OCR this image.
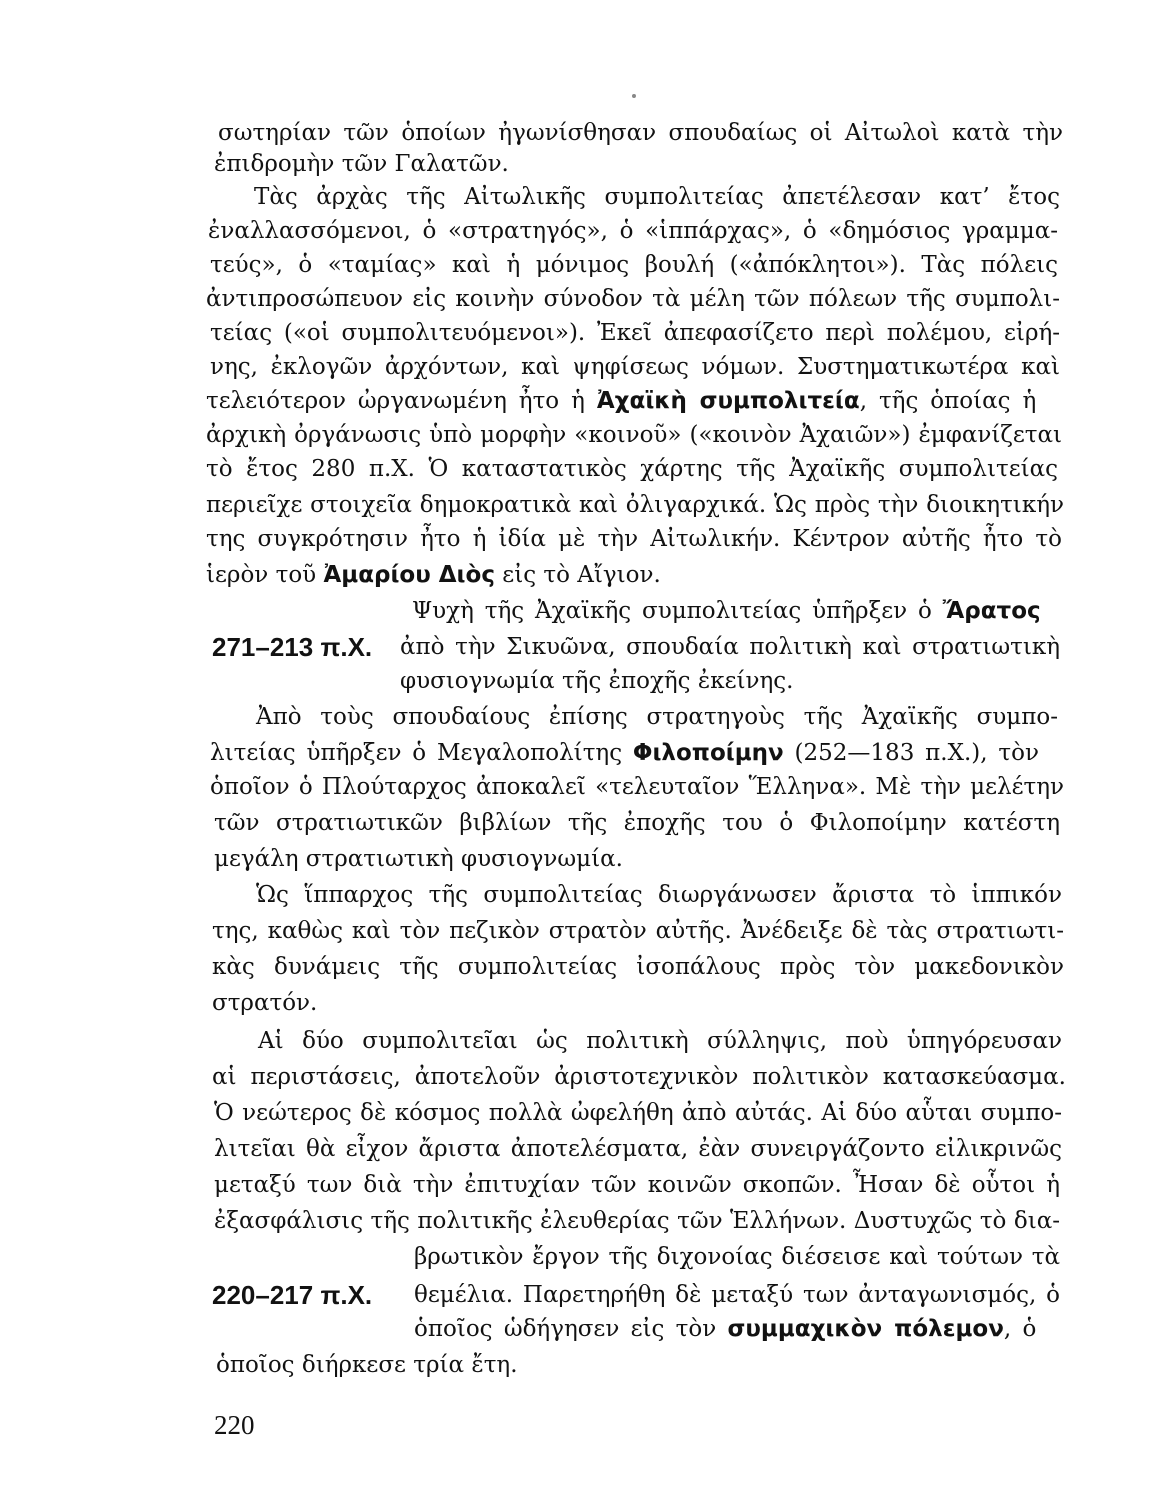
σωτηρίαν τῶν ὁποίων ἠγωνίσθησαν σπουδαίως οἱ Αἰτωλοὶ κατὰ τὴν
ἐπιδρομὴν τῶν Γαλατῶν.
Τὰς ἀρχὰς τῆς Αἰτωλικῆς συμπολιτείας ἀπετέλεσαν κατ’ ἔτος
ἐναλλασσόμενοι, ὁ «στρατηγός», ὁ «ἱππάρχας», ὁ «δημόσιος γραμμα-
τεύς», ὁ «ταμίας» καὶ ἡ μόνιμος βουλή («ἀπόκλητοι»). Τὰς πόλεις
ἀντιπροσώπευον εἰς κοινὴν σύνοδον τὰ μέλη τῶν πόλεων τῆς συμπολι-
τείας («οἱ συμπολιτευόμενοι»). Ἐκεῖ ἀπεφασίζετο περὶ πολέμου, εἰρή-
νης, ἐκλογῶν ἀρχόντων, καὶ ψηφίσεως νόμων. Συστηματικωτέρα καὶ
τελειότερον ὠργανωμένη ἦτο ἡ Ἀχαϊκὴ συμπολιτεία, τῆς ὁποίας ἡ
ἀρχικὴ ὀργάνωσις ὑπὸ μορφὴν «κοινοῦ» («κοινὸν Ἀχαιῶν») ἐμφανίζεται
τὸ ἔτος 280 π.Χ. Ὁ καταστατικὸς χάρτης τῆς Ἀχαϊκῆς συμπολιτείας
περιεῖχε στοιχεῖα δημοκρατικὰ καὶ ὀλιγαρχικά. Ὡς πρὸς τὴν διοικητικήν
της συγκρότησιν ἦτο ἡ ἰδία μὲ τὴν Αἰτωλικήν. Κέντρον αὐτῆς ἦτο τὸ
ἱερὸν τοῦ Ἀμαρίου Διὸς εἰς τὸ Αἴγιον.
Ψυχὴ τῆς Ἀχαϊκῆς συμπολιτείας ὑπῆρξεν ὁ Ἄρατος
271–213 π.Χ. ἀπὸ τὴν Σικυῶνα, σπουδαία πολιτικὴ καὶ στρατιωτικὴ
φυσιογνωμία τῆς ἐποχῆς ἐκείνης.
Ἀπὸ τοὺς σπουδαίους ἐπίσης στρατηγοὺς τῆς Ἀχαϊκῆς συμπο-
λιτείας ὑπῆρξεν ὁ Μεγαλοπολίτης Φιλοποίμην (252—183 π.Χ.), τὸν
ὁποῖον ὁ Πλούταρχος ἀποκαλεῖ «τελευταῖον Ἕλληνα». Μὲ τὴν μελέτην
τῶν στρατιωτικῶν βιβλίων τῆς ἐποχῆς του ὁ Φιλοποίμην κατέστη
μεγάλη στρατιωτικὴ φυσιογνωμία.
Ὡς ἵππαρχος τῆς συμπολιτείας διωργάνωσεν ἄριστα τὸ ἱππικόν
της, καθὼς καὶ τὸν πεζικὸν στρατὸν αὐτῆς. Ἀνέδειξε δὲ τὰς στρατιωτι-
κὰς δυνάμεις τῆς συμπολιτείας ἰσοπάλους πρὸς τὸν μακεδονικὸν
στρατόν.
Αἱ δύο συμπολιτεῖαι ὡς πολιτικὴ σύλληψις, ποὺ ὑπηγόρευσαν
αἱ περιστάσεις, ἀποτελοῦν ἀριστοτεχνικὸν πολιτικὸν κατασκεύασμα.
Ὁ νεώτερος δὲ κόσμος πολλὰ ὠφελήθη ἀπὸ αὐτάς. Αἱ δύο αὗται συμπο-
λιτεῖαι θὰ εἶχον ἄριστα ἀποτελέσματα, ἐὰν συνειργάζοντο εἰλικρινῶς
μεταξύ των διὰ τὴν ἐπιτυχίαν τῶν κοινῶν σκοπῶν. Ἦσαν δὲ οὗτοι ἡ
ἐξασφάλισις τῆς πολιτικῆς ἐλευθερίας τῶν Ἑλλήνων. Δυστυχῶς τὸ δια-
βρωτικὸν ἔργον τῆς διχονοίας διέσεισε καὶ τούτων τὰ
220–217 π.Χ. θεμέλια. Παρετηρήθη δὲ μεταξύ των ἀνταγωνισμός, ὁ
ὁποῖος ὡδήγησεν εἰς τὸν συμμαχικὸν πόλεμον, ὁ
ὁποῖος διήρκεσε τρία ἔτη.
220
